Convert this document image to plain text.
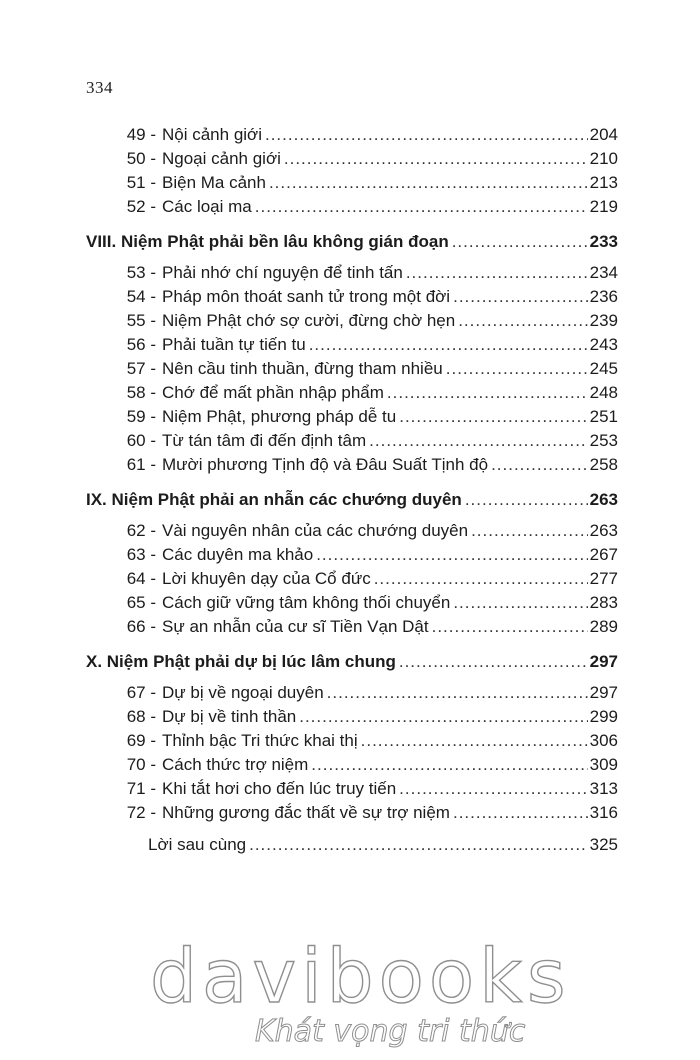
334
49 - Nội cảnh giới .....	204
50 - Ngoại cảnh giới .....	210
51 - Biện Ma cảnh .....	213
52 - Các loại ma .....	219
VIII. Niệm Phật phải bền lâu không gián đoạn .....	233
53 - Phải nhớ chí nguyện để tinh tấn .....	234
54 - Pháp môn thoát sanh tử trong một đời .....	236
55 - Niệm Phật chớ sợ cười, đừng chờ hẹn .....	239
56 - Phải tuần tự tiến tu .....	243
57 - Nên cầu tinh thuần, đừng tham nhiều .....	245
58 - Chớ để mất phần nhập phẩm .....	248
59 - Niệm Phật, phương pháp dễ tu .....	251
60 - Từ tán tâm đi đến định tâm .....	253
61 - Mười phương Tịnh độ và Đâu Suất Tịnh độ .....	258
IX. Niệm Phật phải an nhẫn các chướng duyên .....	263
62 - Vài nguyên nhân của các chướng duyên .....	263
63 - Các duyên ma khảo .....	267
64 - Lời khuyên dạy của Cổ đức .....	277
65 - Cách giữ vững tâm không thối chuyển .....	283
66 - Sự an nhẫn của cư sĩ Tiền Vạn Dật .....	289
X. Niệm Phật phải dự bị lúc lâm chung .....	297
67 - Dự bị về ngoại duyên .....	297
68 - Dự bị về tinh thần .....	299
69 - Thỉnh bậc Tri thức khai thị .....	306
70 - Cách thức trợ niệm .....	309
71 - Khi tắt hơi cho đến lúc truy tiến .....	313
72 - Những gương đắc thất về sự trợ niệm .....	316
Lời sau cùng .....	325
davibooks
Khát vọng tri thức
